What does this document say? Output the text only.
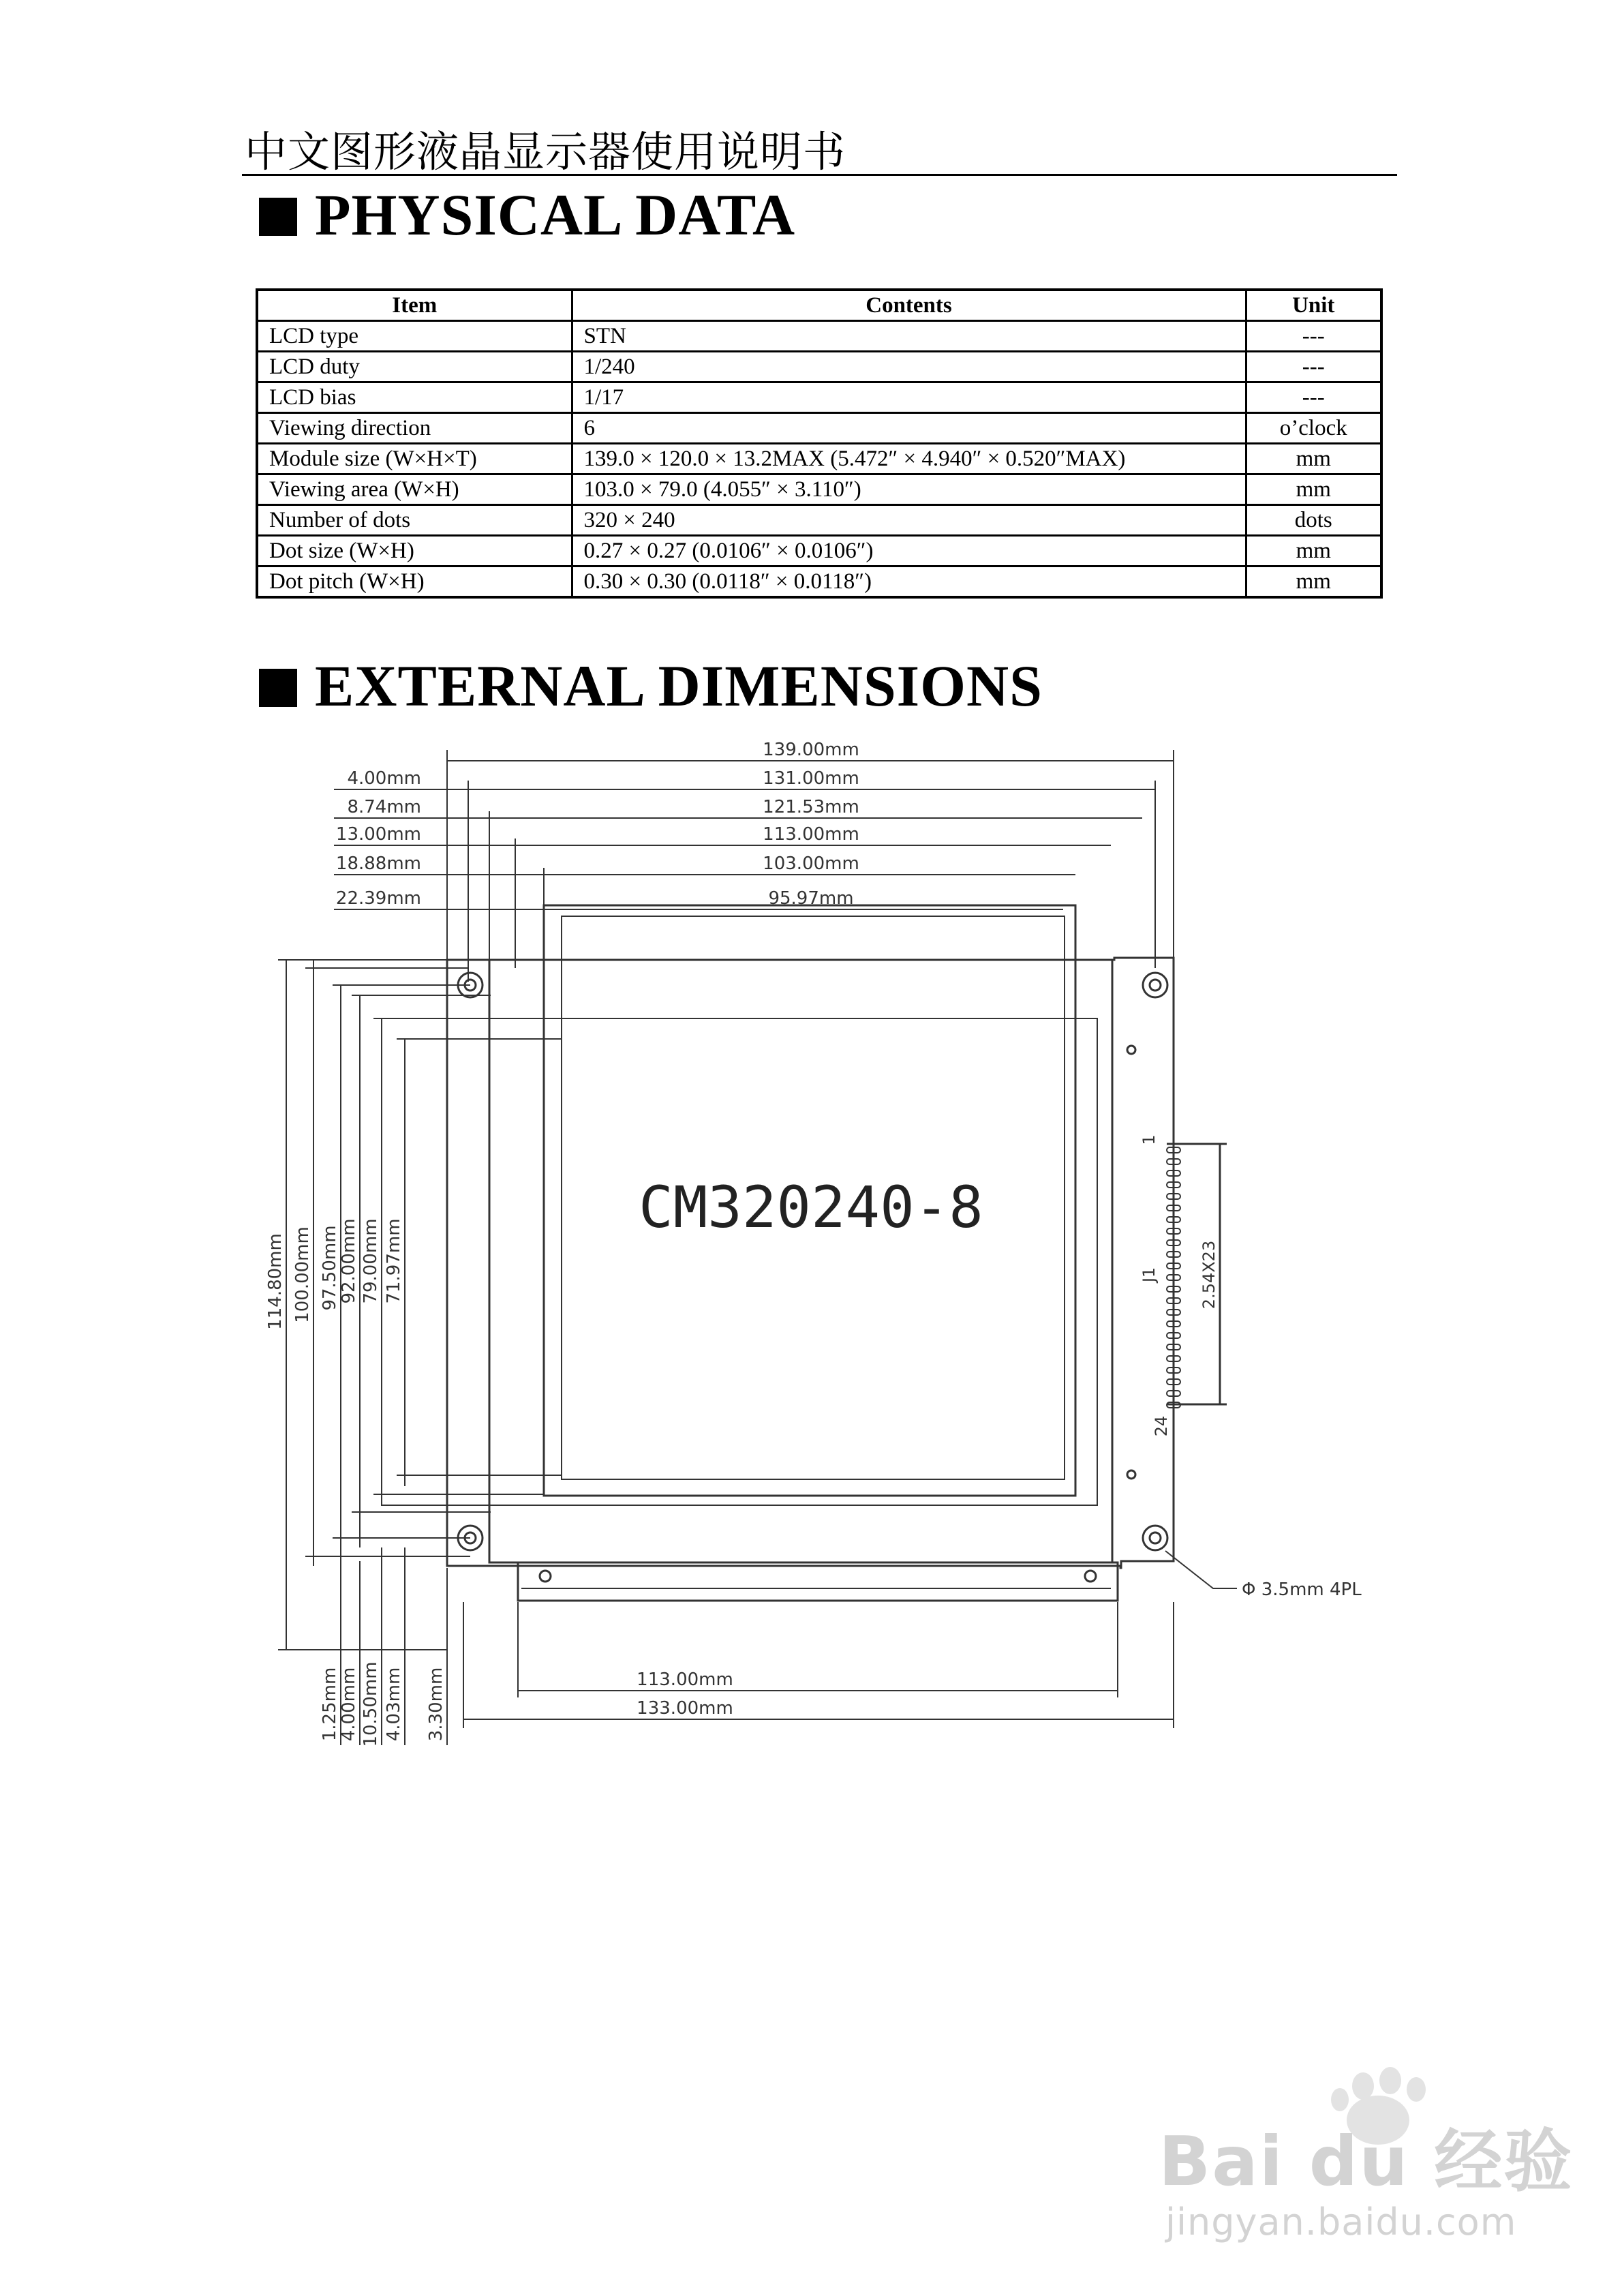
中文图形液晶显示器使用说明书
PHYSICAL DATA
Item	Contents	Unit
LCD type	STN	---
LCD duty	1/240	---
LCD bias	1/17	---
Viewing direction	6	o’clock
Module size (W×H×T)	139.0 × 120.0 × 13.2MAX (5.472″ × 4.940″ × 0.520″MAX)	mm
Viewing area (W×H)	103.0 × 79.0 (4.055″ × 3.110″)	mm
Number of dots	320 × 240	dots
Dot size (W×H)	0.27 × 0.27 (0.0106″ × 0.0106″)	mm
Dot pitch (W×H)	0.30 × 0.30 (0.0118″ × 0.0118″)	mm
EXTERNAL DIMENSIONS
CM320240-8
139.00mm
131.00mm
121.53mm
113.00mm
103.00mm
95.97mm
4.00mm
8.74mm
13.00mm
18.88mm
22.39mm
114.80mm 100.00mm 97.50mm
92.00mm 79.00mm 71.97mm
1.25mm
4.00mm 10.50mm 4.03mm 3.30mm	113.00mm
133.00mm
2.54X23
J1
1
24
Φ 3.5mm 4PL
Bai du 经验
jingyan.baidu.com
